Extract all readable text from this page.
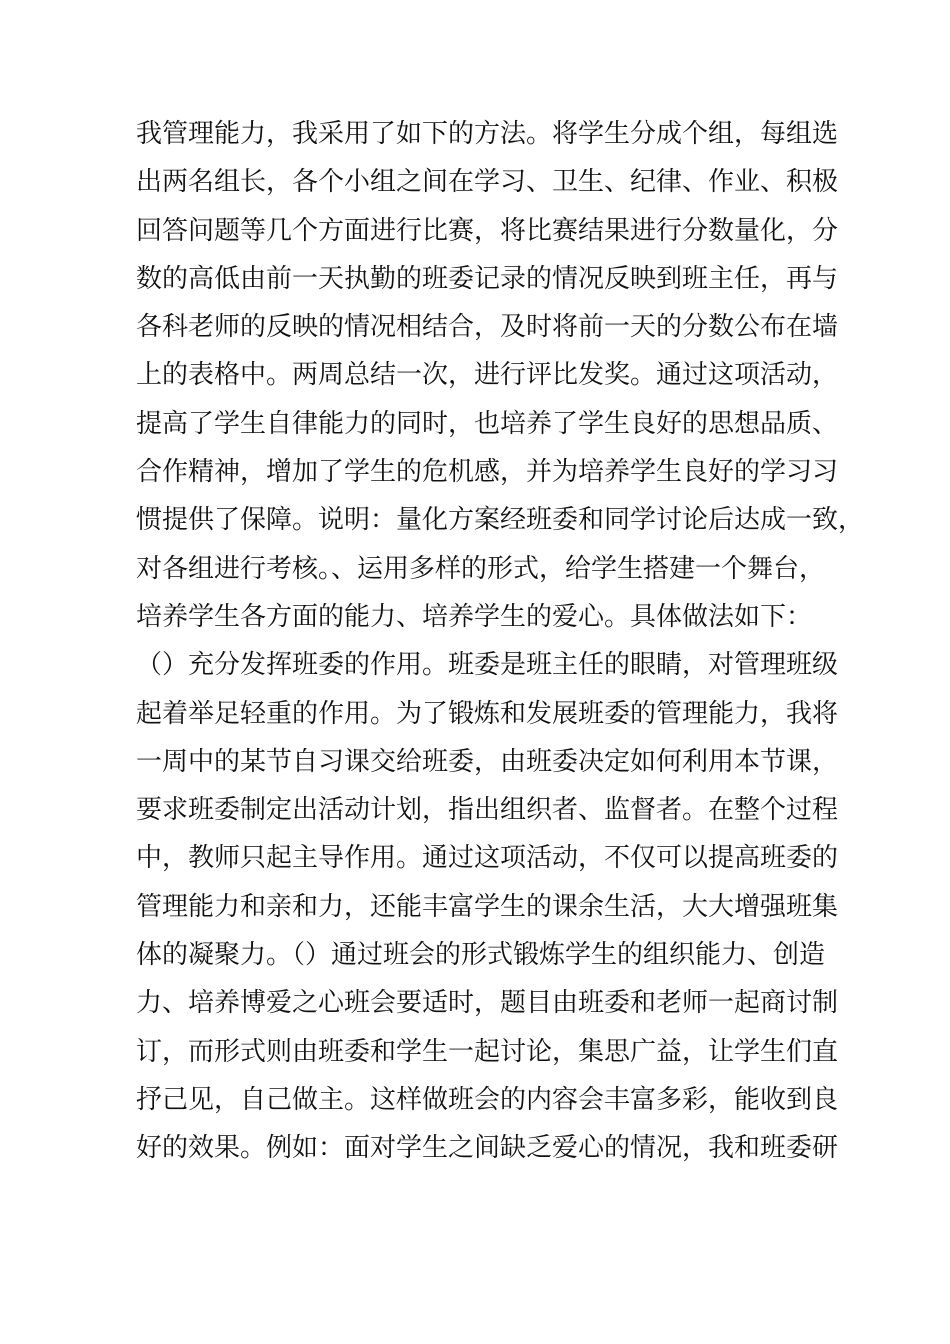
我管理能力，我采用了如下的方法。将学生分成个组，每组选
出两名组长，各个小组之间在学习、卫生、纪律、作业、积极
回答问题等几个方面进行比赛，将比赛结果进行分数量化，分
数的高低由前一天执勤的班委记录的情况反映到班主任，再与
各科老师的反映的情况相结合，及时将前一天的分数公布在墙
上的表格中。两周总结一次，进行评比发奖。通过这项活动，
提高了学生自律能力的同时，也培养了学生良好的思想品质、
合作精神，增加了学生的危机感，并为培养学生良好的学习习
惯提供了保障。说明：量化方案经班委和同学讨论后达成一致，
对各组进行考核。、运用多样的形式，给学生搭建一个舞台，
培养学生各方面的能力、培养学生的爱心。具体做法如下：
（）充分发挥班委的作用。班委是班主任的眼睛，对管理班级
起着举足轻重的作用。为了锻炼和发展班委的管理能力，我将
一周中的某节自习课交给班委，由班委决定如何利用本节课，
要求班委制定出活动计划，指出组织者、监督者。在整个过程
中，教师只起主导作用。通过这项活动，不仅可以提高班委的
管理能力和亲和力，还能丰富学生的课余生活，大大增强班集
体的凝聚力。（）通过班会的形式锻炼学生的组织能力、创造
力、培养博爱之心班会要适时，题目由班委和老师一起商讨制
订，而形式则由班委和学生一起讨论，集思广益，让学生们直
抒己见，自己做主。这样做班会的内容会丰富多彩，能收到良
好的效果。例如：面对学生之间缺乏爱心的情况，我和班委研
